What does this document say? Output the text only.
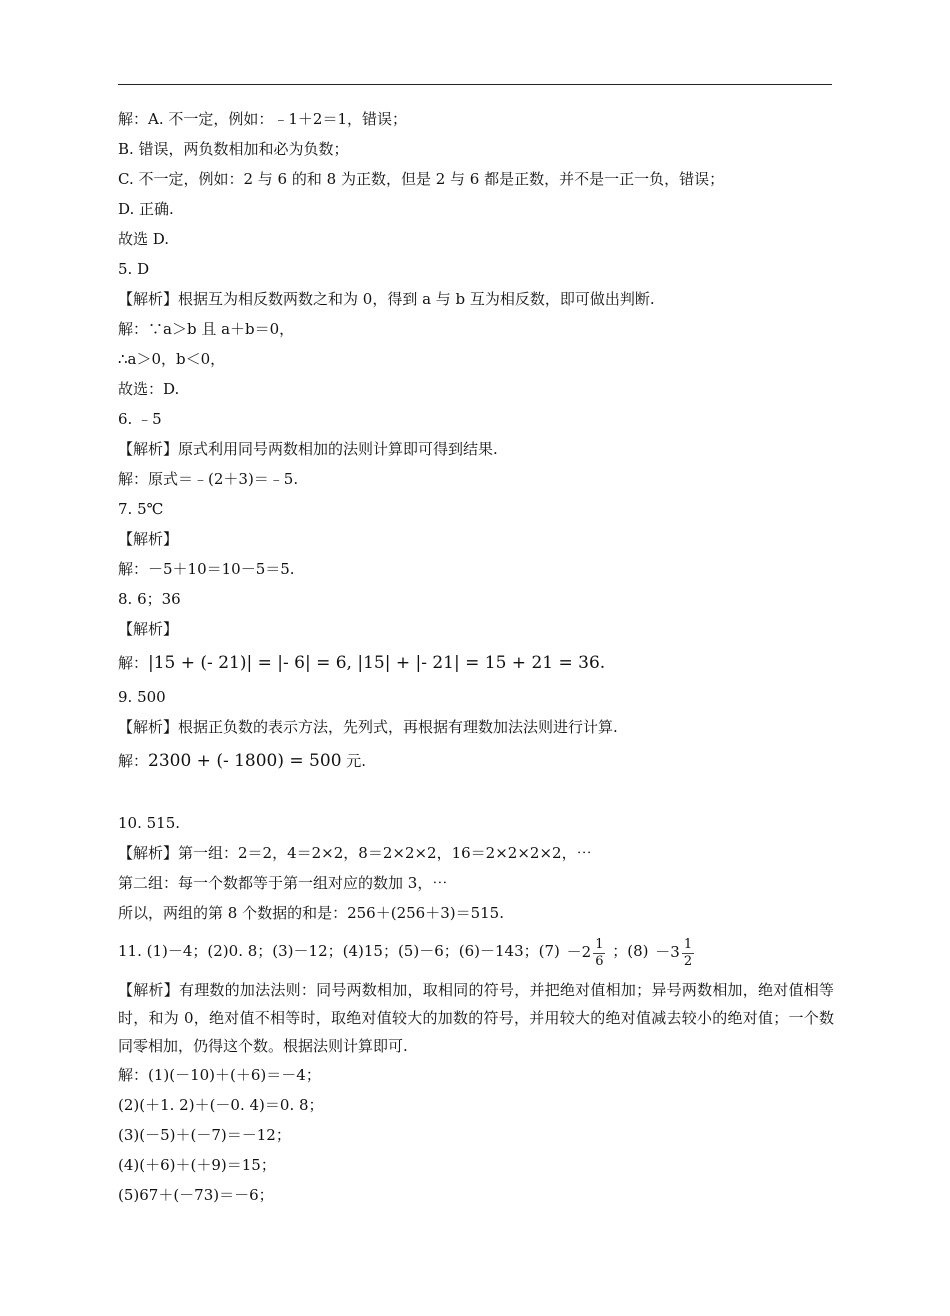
解：A. 不一定，例如：﹣1＋2＝1，错误；
B. 错误，两负数相加和必为负数；
C. 不一定，例如：2 与 6 的和 8 为正数，但是 2 与 6 都是正数，并不是一正一负，错误；
D. 正确.
故选 D.
5. D
【解析】根据互为相反数两数之和为 0，得到 a 与 b 互为相反数，即可做出判断.
解：∵a＞b 且 a＋b＝0，
∴a＞0，b＜0，
故选：D.
6. ﹣5
【解析】原式利用同号两数相加的法则计算即可得到结果.
解：原式＝﹣(2＋3)＝﹣5.
7. 5℃
【解析】
解：－5＋10＝10－5＝5.
8. 6；36
【解析】
解：|15 + (- 21)| = |- 6| = 6, |15| + |- 21| = 15 + 21 = 36.
9. 500
【解析】根据正负数的表示方法，先列式，再根据有理数加法法则进行计算.
解：2300 + (- 1800) = 500 元.
10. 515.
【解析】第一组：2＝2，4＝2×2，8＝2×2×2，16＝2×2×2×2，⋯
第二组：每一个数都等于第一组对应的数加 3，⋯
所以，两组的第 8 个数据的和是：256＋(256＋3)＝515.
11. (1)－4；(2)0. 8；(3)－12；(4)15；(5)－6；(6)－143；$(7) -2 \frac{1}{6}$ ；$(8) -3 \frac{1}{2}$
【解析】有理数的加法法则：同号两数相加，取相同的符号，并把绝对值相加；异号两数相加，绝对值相等时，和为 0，绝对值不相等时，取绝对值较大的加数的符号，并用较大的绝对值减去较小的绝对值；一个数同零相加，仍得这个数。根据法则计算即可.
解：(1)(－10)＋(＋6)＝－4；
(2)(＋1. 2)＋(－0. 4)＝0. 8；
(3)(－5)＋(－7)＝－12；
(4)(＋6)＋(＋9)＝15；
(5)67＋(－73)＝－6；
